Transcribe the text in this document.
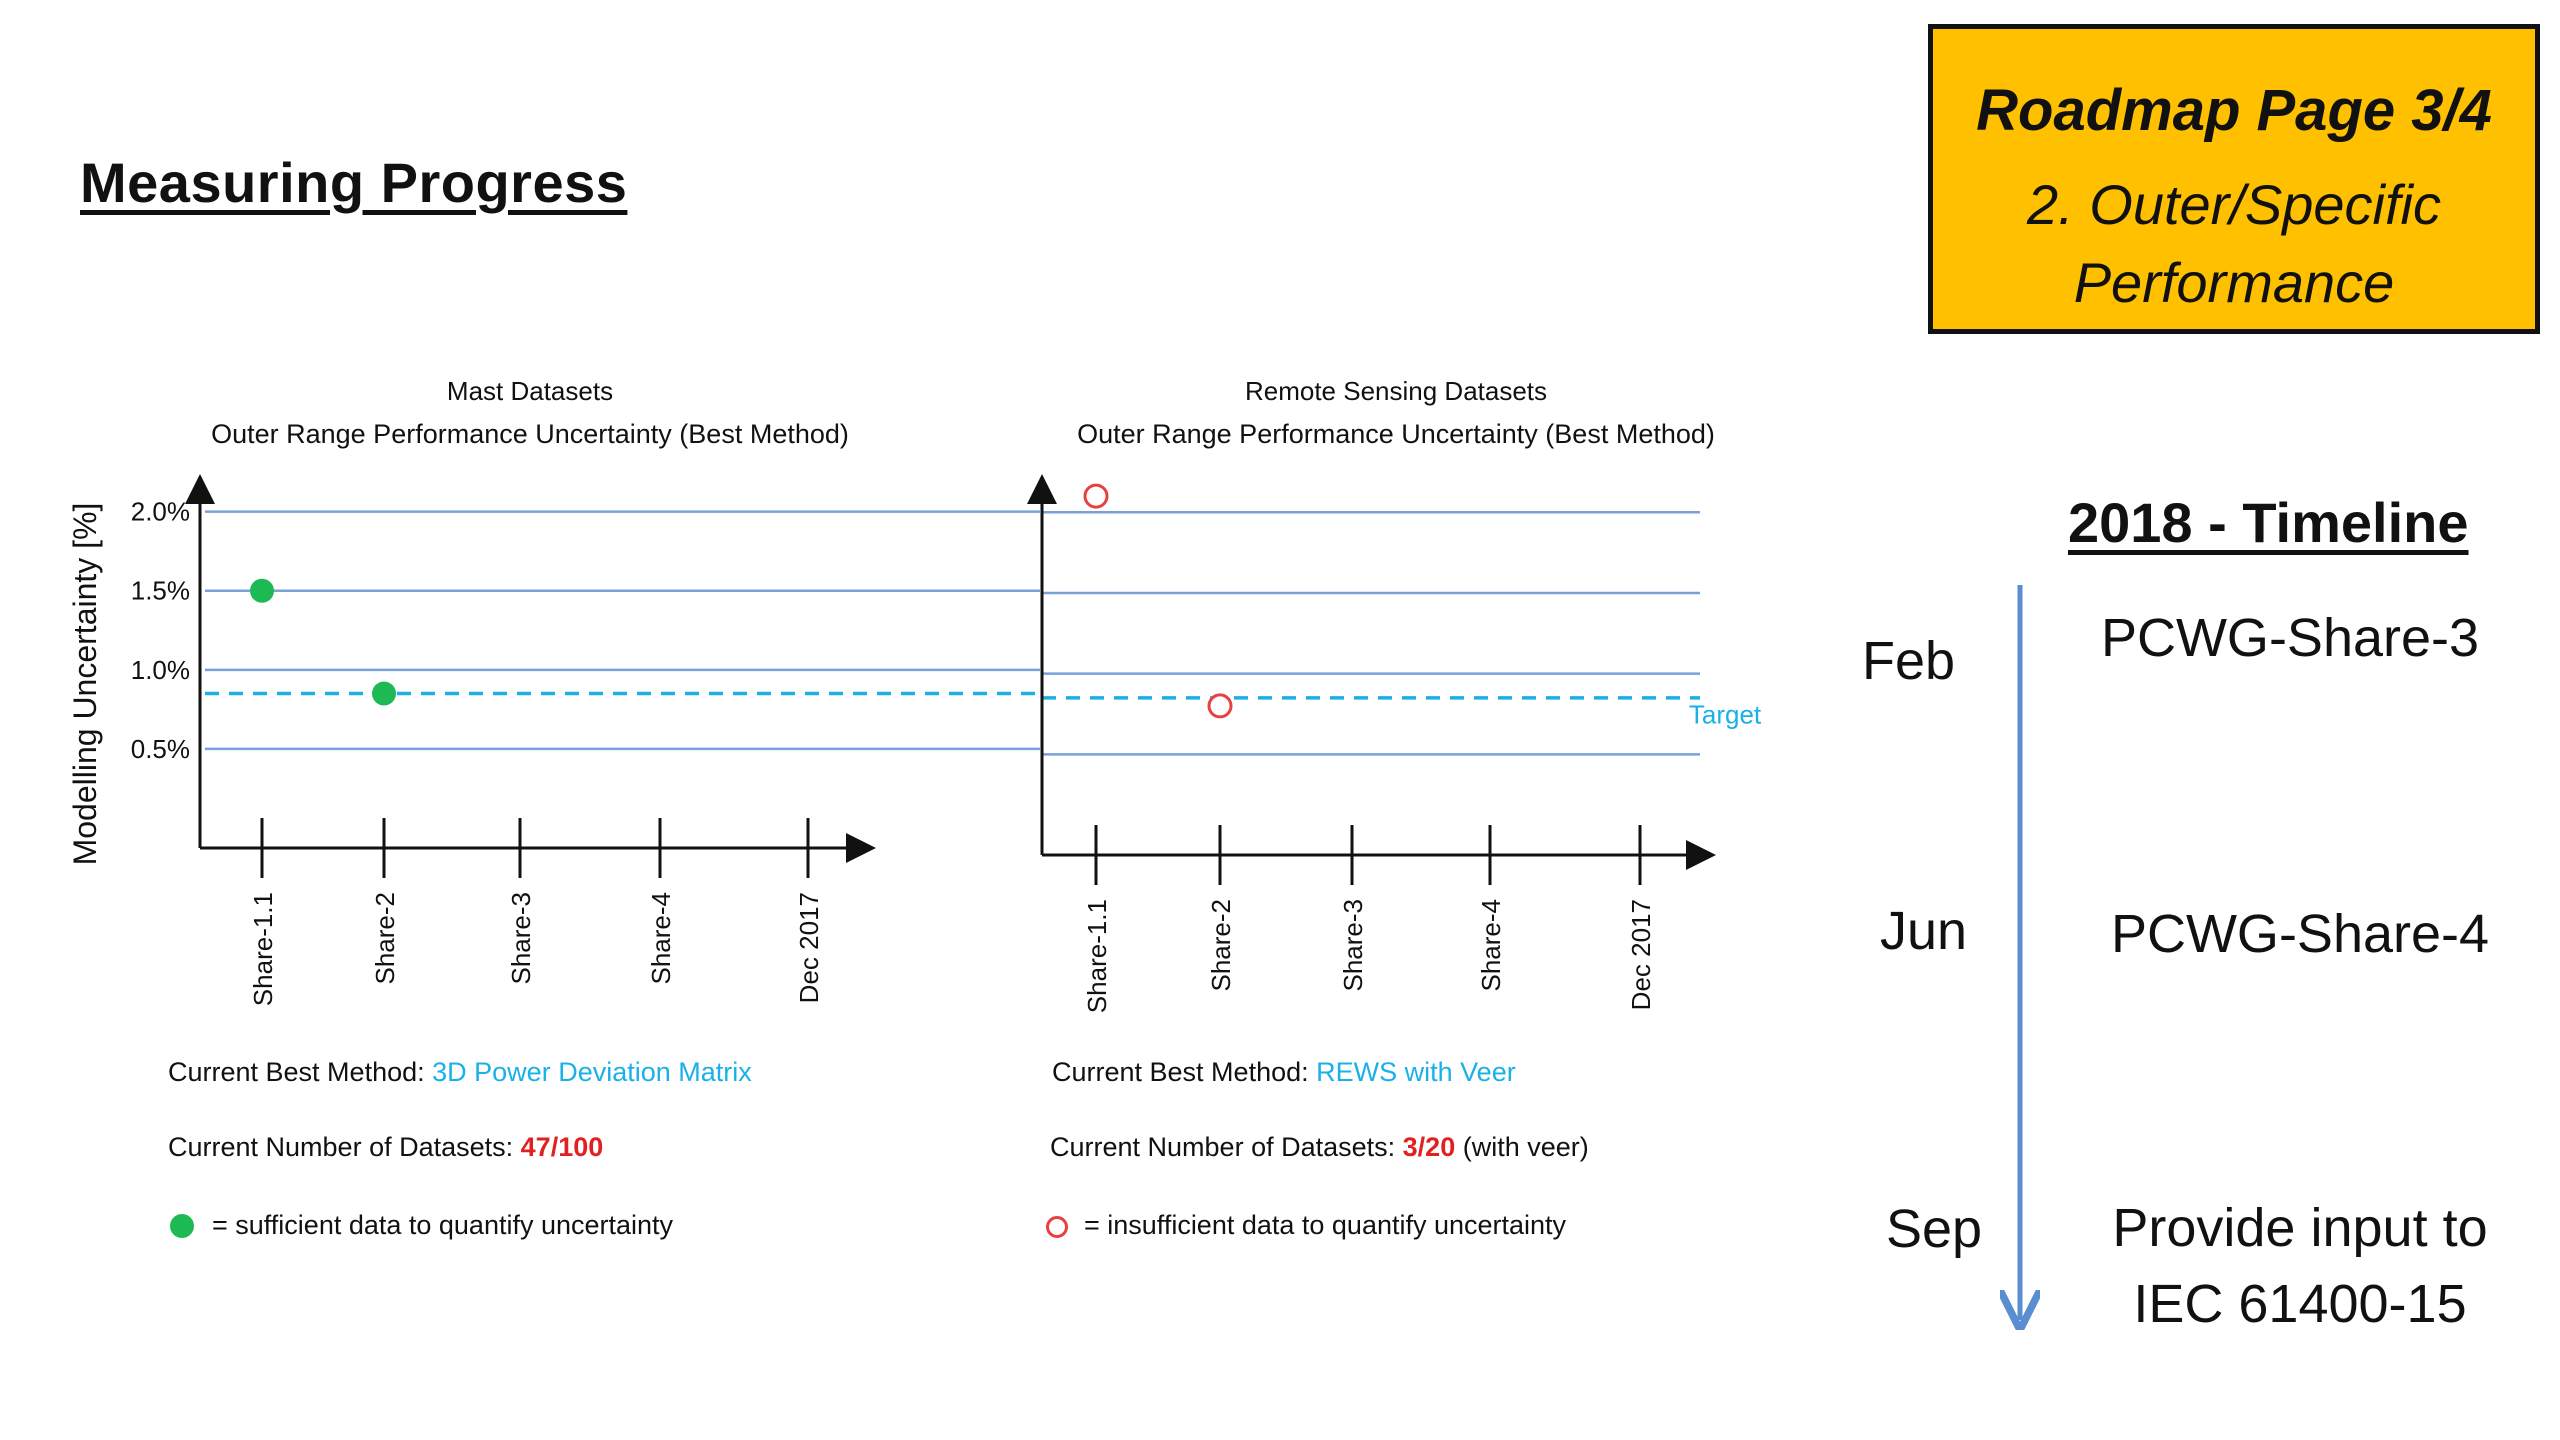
Measuring Progress
Roadmap Page 3/4
2. Outer/Specific Performance
2018 - Timeline
Feb	PCWG-Share-3
Jun	PCWG-Share-4
Sep	Provide input to IEC 61400-15
Mast Datasets
Outer Range Performance Uncertainty (Best Method)
Target
0.5%
1.0%
1.5%
2.0%
Modelling Uncertainty [%]
Share-1.1	Share-2	Share-3	Share-4	Dec 2017
Remote Sensing Datasets
Outer Range Performance Uncertainty (Best Method)
Share-1.1	Share-2	Share-3	Share-4	Dec 2017
Current Best Method: 3D Power Deviation Matrix
Current Number of Datasets: 47/100
= sufficient data to quantify uncertainty
Current Best Method: REWS with Veer
Current Number of Datasets: 3/20 (with veer)
= insufficient data to quantify uncertainty
